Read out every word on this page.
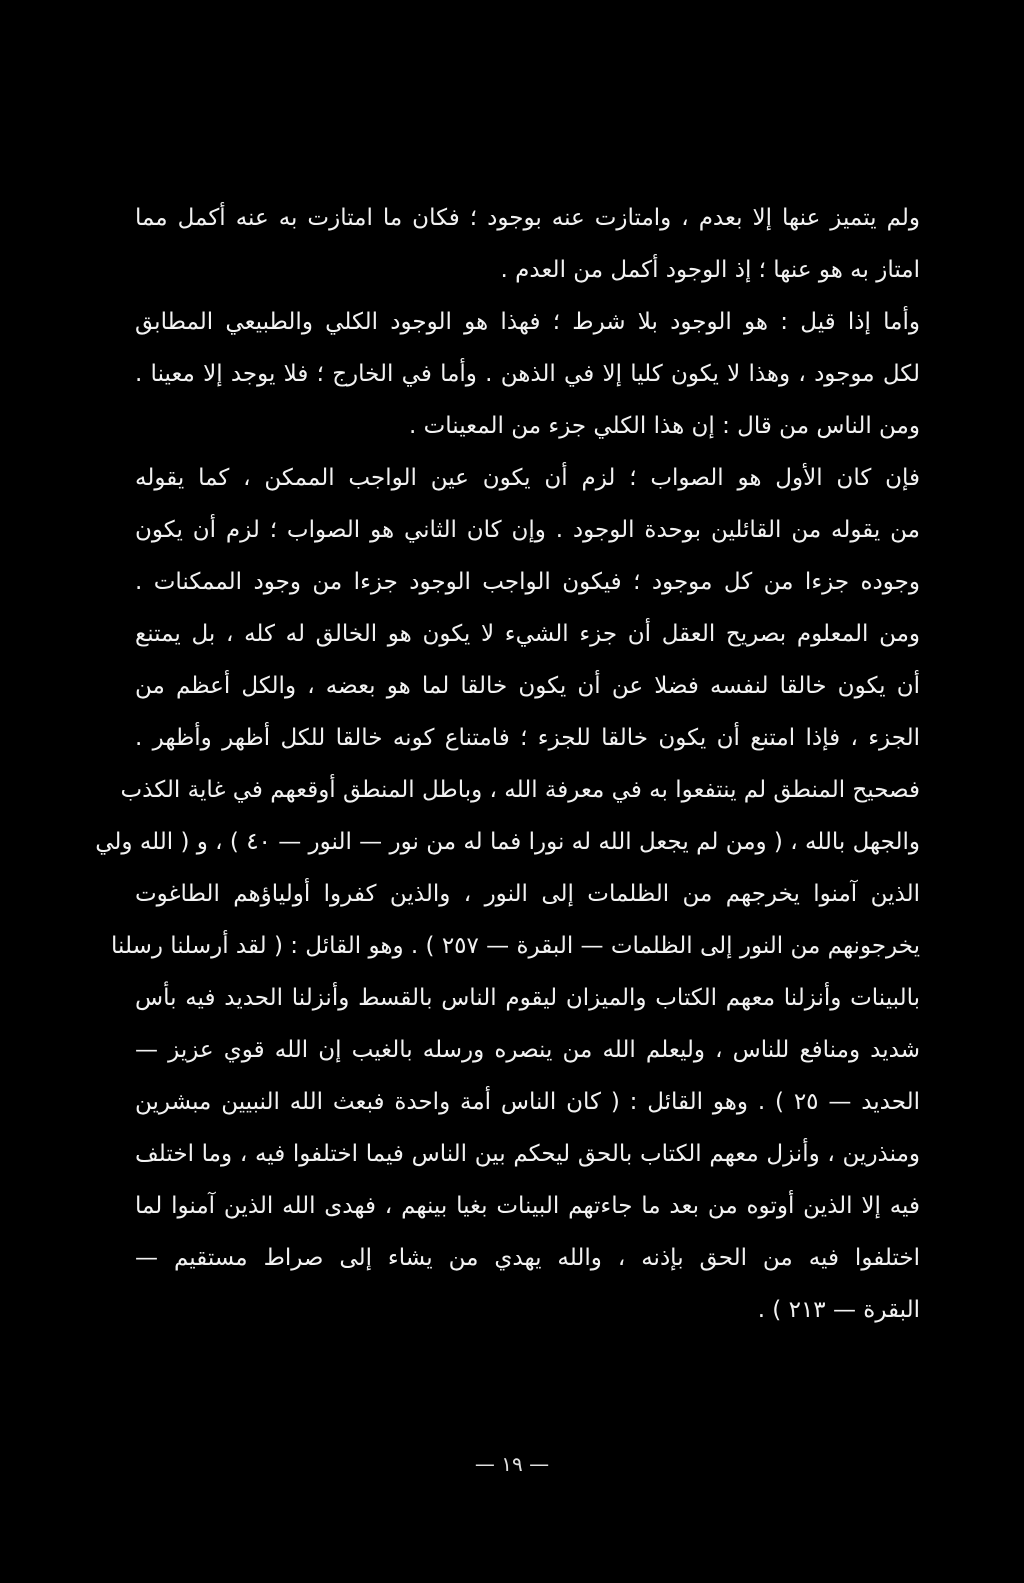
ولم يتميز عنها إلا بعدم ، وامتازت عنه بوجود ؛ فكان ما امتازت به عنه أكمل مما
امتاز به هو عنها ؛ إذ الوجود أكمل من العدم .
وأما إذا قيل : هو الوجود بلا شرط ؛ فهذا هو الوجود الكلي والطبيعي المطابق
لكل موجود ، وهذا لا يكون كليا إلا في الذهن . وأما في الخارج ؛ فلا يوجد إلا معينا .
ومن الناس من قال : إن هذا الكلي جزء من المعينات .
فإن كان الأول هو الصواب ؛ لزم أن يكون عين الواجب الممكن ، كما يقوله
من يقوله من القائلين بوحدة الوجود . وإن كان الثاني هو الصواب ؛ لزم أن يكون
وجوده جزءا من كل موجود ؛ فيكون الواجب الوجود جزءا من وجود الممكنات .
ومن المعلوم بصريح العقل أن جزء الشيء لا يكون هو الخالق له كله ، بل يمتنع
أن يكون خالقا لنفسه فضلا عن أن يكون خالقا لما هو بعضه ، والكل أعظم من
الجزء ، فإذا امتنع أن يكون خالقا للجزء ؛ فامتناع كونه خالقا للكل أظهر وأظهر .
فصحيح المنطق لم ينتفعوا به في معرفة الله ، وباطل المنطق أوقعهم في غاية الكذب
والجهل بالله ، ( ومن لم يجعل الله له نورا فما له من نور — النور — ٤٠ ) ، و ( الله ولي
الذين آمنوا يخرجهم من الظلمات إلى النور ، والذين كفروا أولياؤهم الطاغوت
يخرجونهم من النور إلى الظلمات — البقرة — ٢٥٧ ) . وهو القائل : ( لقد أرسلنا رسلنا
بالبينات وأنزلنا معهم الكتاب والميزان ليقوم الناس بالقسط وأنزلنا الحديد فيه بأس
شديد ومنافع للناس ، وليعلم الله من ينصره ورسله بالغيب إن الله قوي عزيز —
الحديد — ٢٥ ) . وهو القائل : ( كان الناس أمة واحدة فبعث الله النبيين مبشرين
ومنذرين ، وأنزل معهم الكتاب بالحق ليحكم بين الناس فيما اختلفوا فيه ، وما اختلف
فيه إلا الذين أوتوه من بعد ما جاءتهم البينات بغيا بينهم ، فهدى الله الذين آمنوا لما
اختلفوا فيه من الحق بإذنه ، والله يهدي من يشاء إلى صراط مستقيم —
البقرة — ٢١٣ ) .
— ١٩ —
